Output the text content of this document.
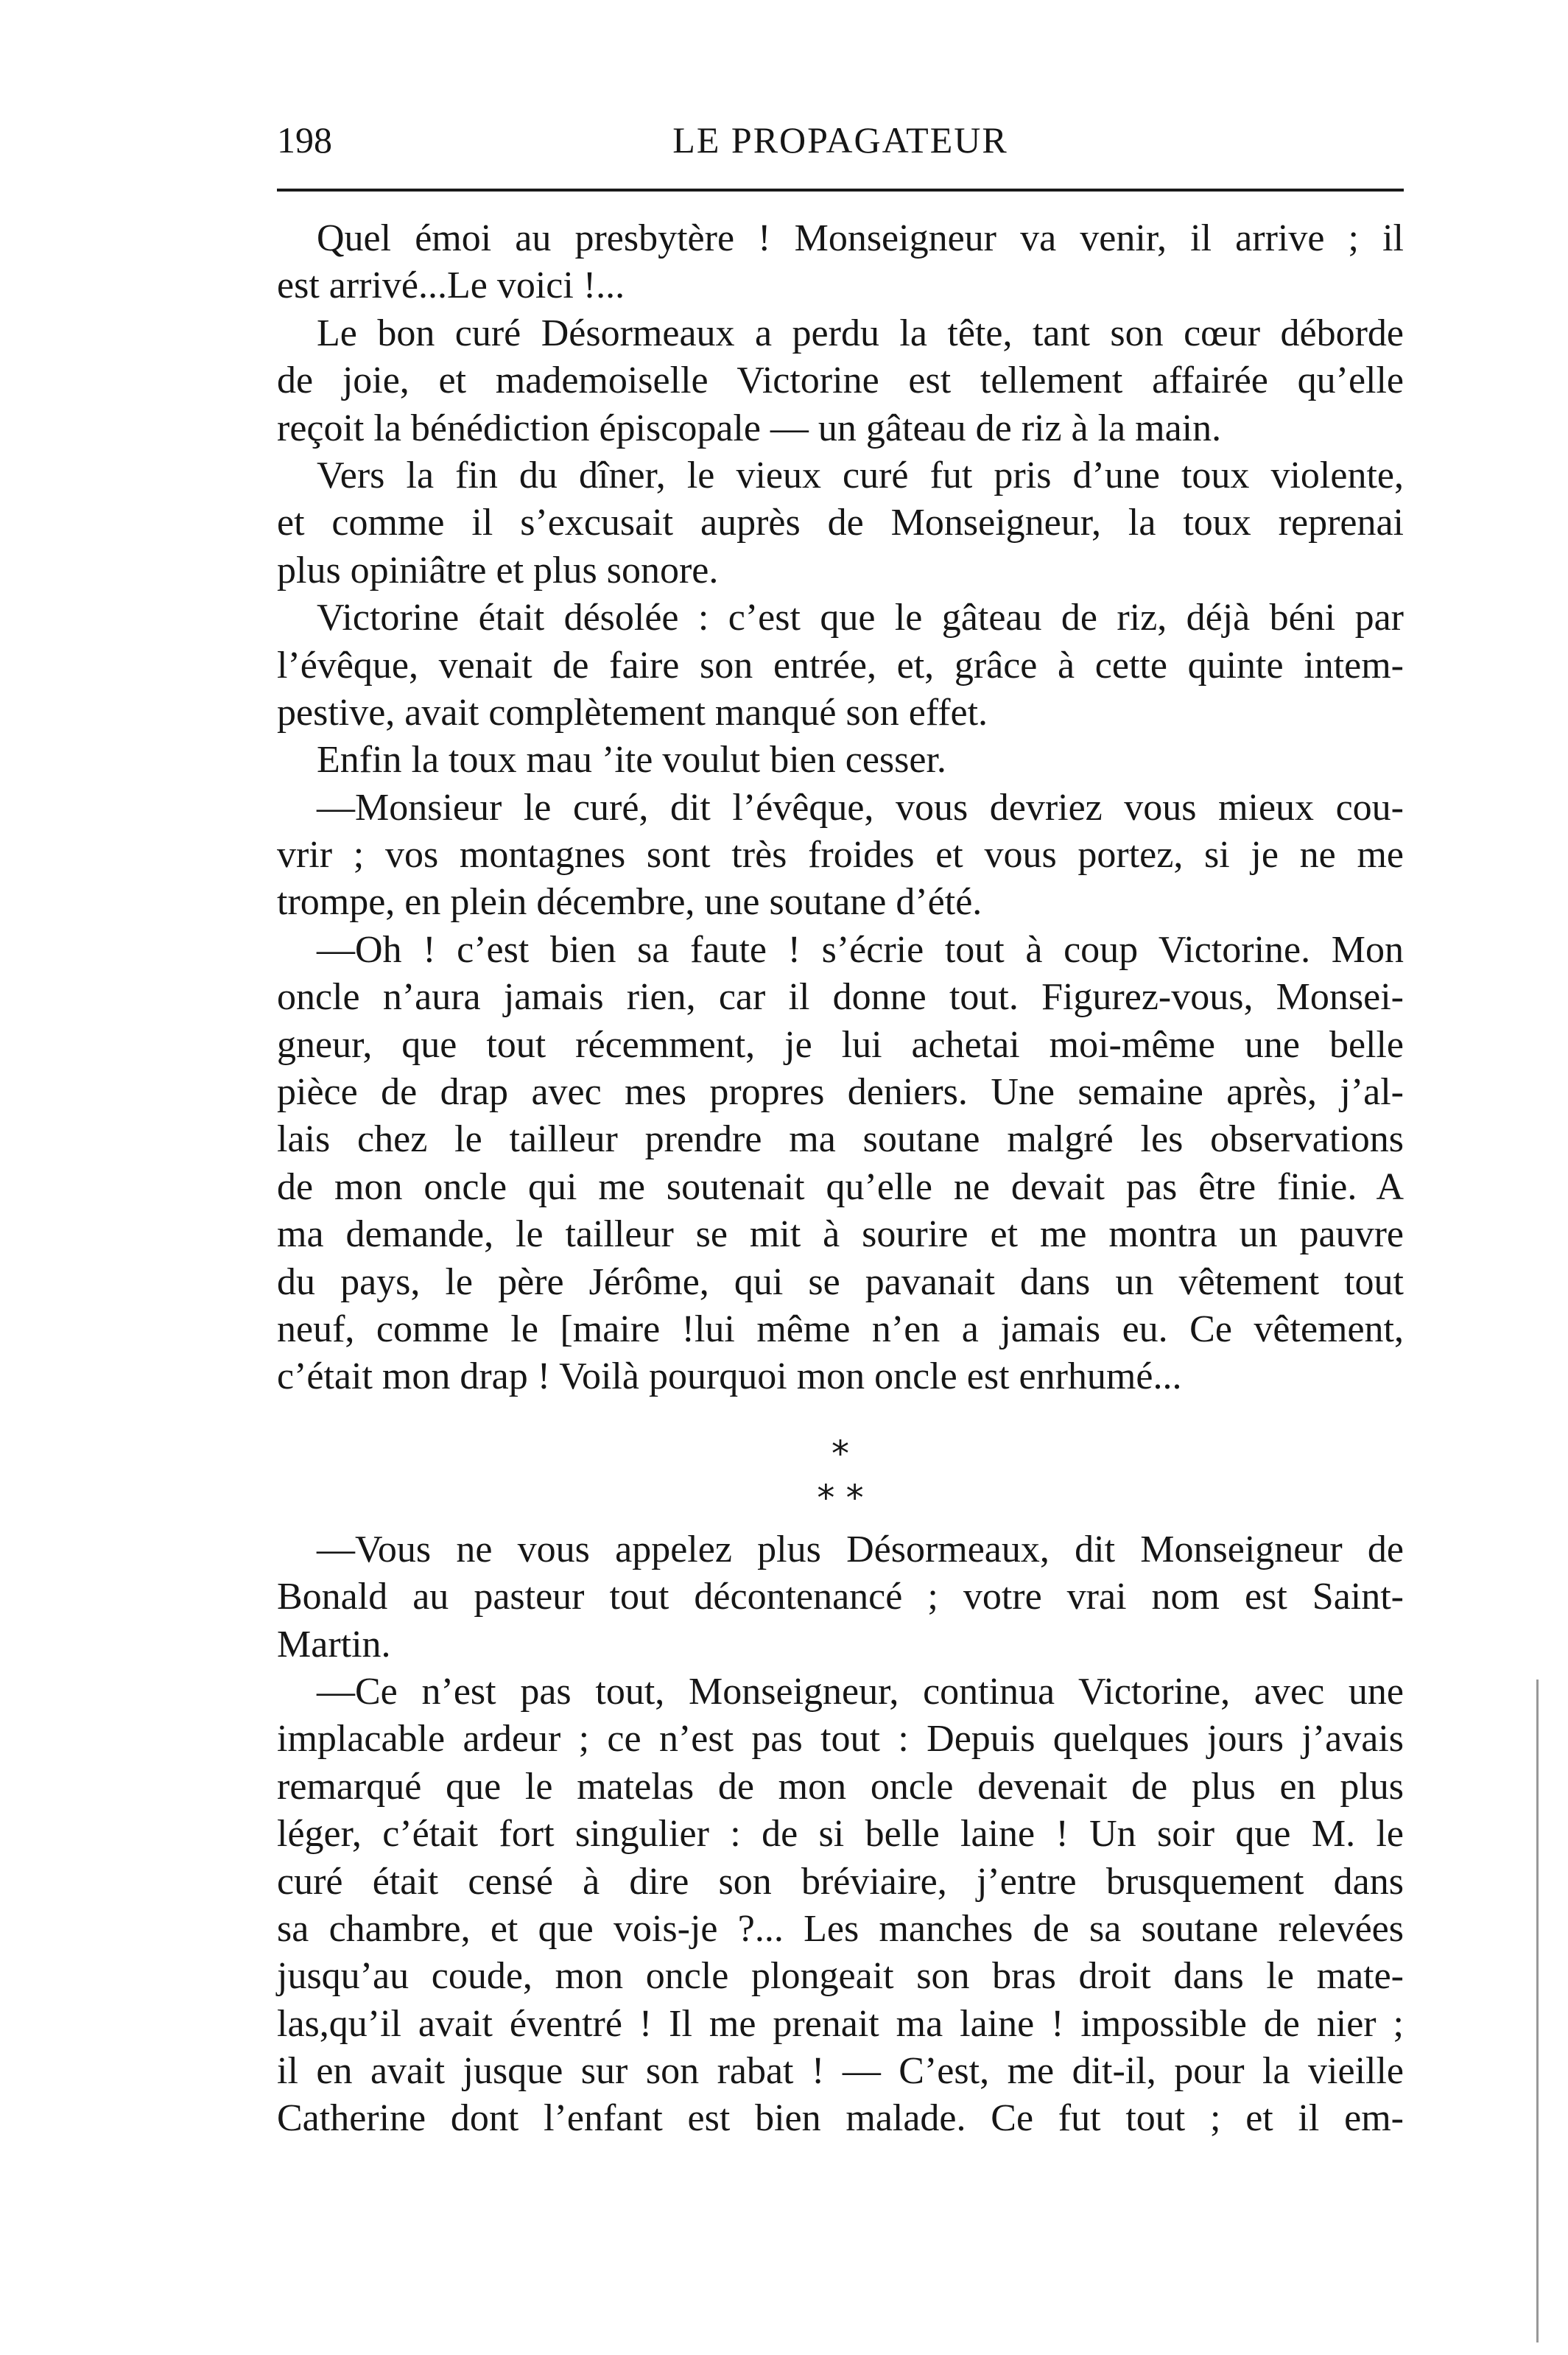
198	LE PROPAGATEUR
Quel émoi au presbytère ! Monseigneur va venir, il arrive ; il
est arrivé...Le voici !...
Le bon curé Désormeaux a perdu la tête, tant son cœur déborde
de joie, et mademoiselle Victorine est tellement affairée qu’elle
reçoit la bénédiction épiscopale — un gâteau de riz à la main.
Vers la fin du dîner, le vieux curé fut pris d’une toux violente,
et comme il s’excusait auprès de Monseigneur, la toux reprenai
plus opiniâtre et plus sonore.
Victorine était désolée : c’est que le gâteau de riz, déjà béni par
l’évêque, venait de faire son entrée, et, grâce à cette quinte intem-
pestive, avait complètement manqué son effet.
Enfin la toux mau ’ite voulut bien cesser.
—Monsieur le curé, dit l’évêque, vous devriez vous mieux cou-
vrir ; vos montagnes sont très froides et vous portez, si je ne me
trompe, en plein décembre, une soutane d’été.
—Oh ! c’est bien sa faute ! s’écrie tout à coup Victorine. Mon
oncle n’aura jamais rien, car il donne tout. Figurez-vous, Monsei-
gneur, que tout récemment, je lui achetai moi-même une belle
pièce de drap avec mes propres deniers. Une semaine après, j’al-
lais chez le tailleur prendre ma soutane malgré les observations
de mon oncle qui me soutenait qu’elle ne devait pas être finie. A
ma demande, le tailleur se mit à sourire et me montra un pauvre
du pays, le père Jérôme, qui se pavanait dans un vêtement tout
neuf, comme le [maire !lui même n’en a jamais eu. Ce vêtement,
c’était mon drap ! Voilà pourquoi mon oncle est enrhumé...
*
* *
—Vous ne vous appelez plus Désormeaux, dit Monseigneur de
Bonald au pasteur tout décontenancé ; votre vrai nom est Saint-
Martin.
—Ce n’est pas tout, Monseigneur, continua Victorine, avec une
implacable ardeur ; ce n’est pas tout : Depuis quelques jours j’avais
remarqué que le matelas de mon oncle devenait de plus en plus
léger, c’était fort singulier : de si belle laine ! Un soir que M. le
curé était censé à dire son bréviaire, j’entre brusquement dans
sa chambre, et que vois-je ?... Les manches de sa soutane relevées
jusqu’au coude, mon oncle plongeait son bras droit dans le mate-
las,qu’il avait éventré ! Il me prenait ma laine ! impossible de nier ;
il en avait jusque sur son rabat ! — C’est, me dit-il, pour la vieille
Catherine dont l’enfant est bien malade. Ce fut tout ; et il em-
